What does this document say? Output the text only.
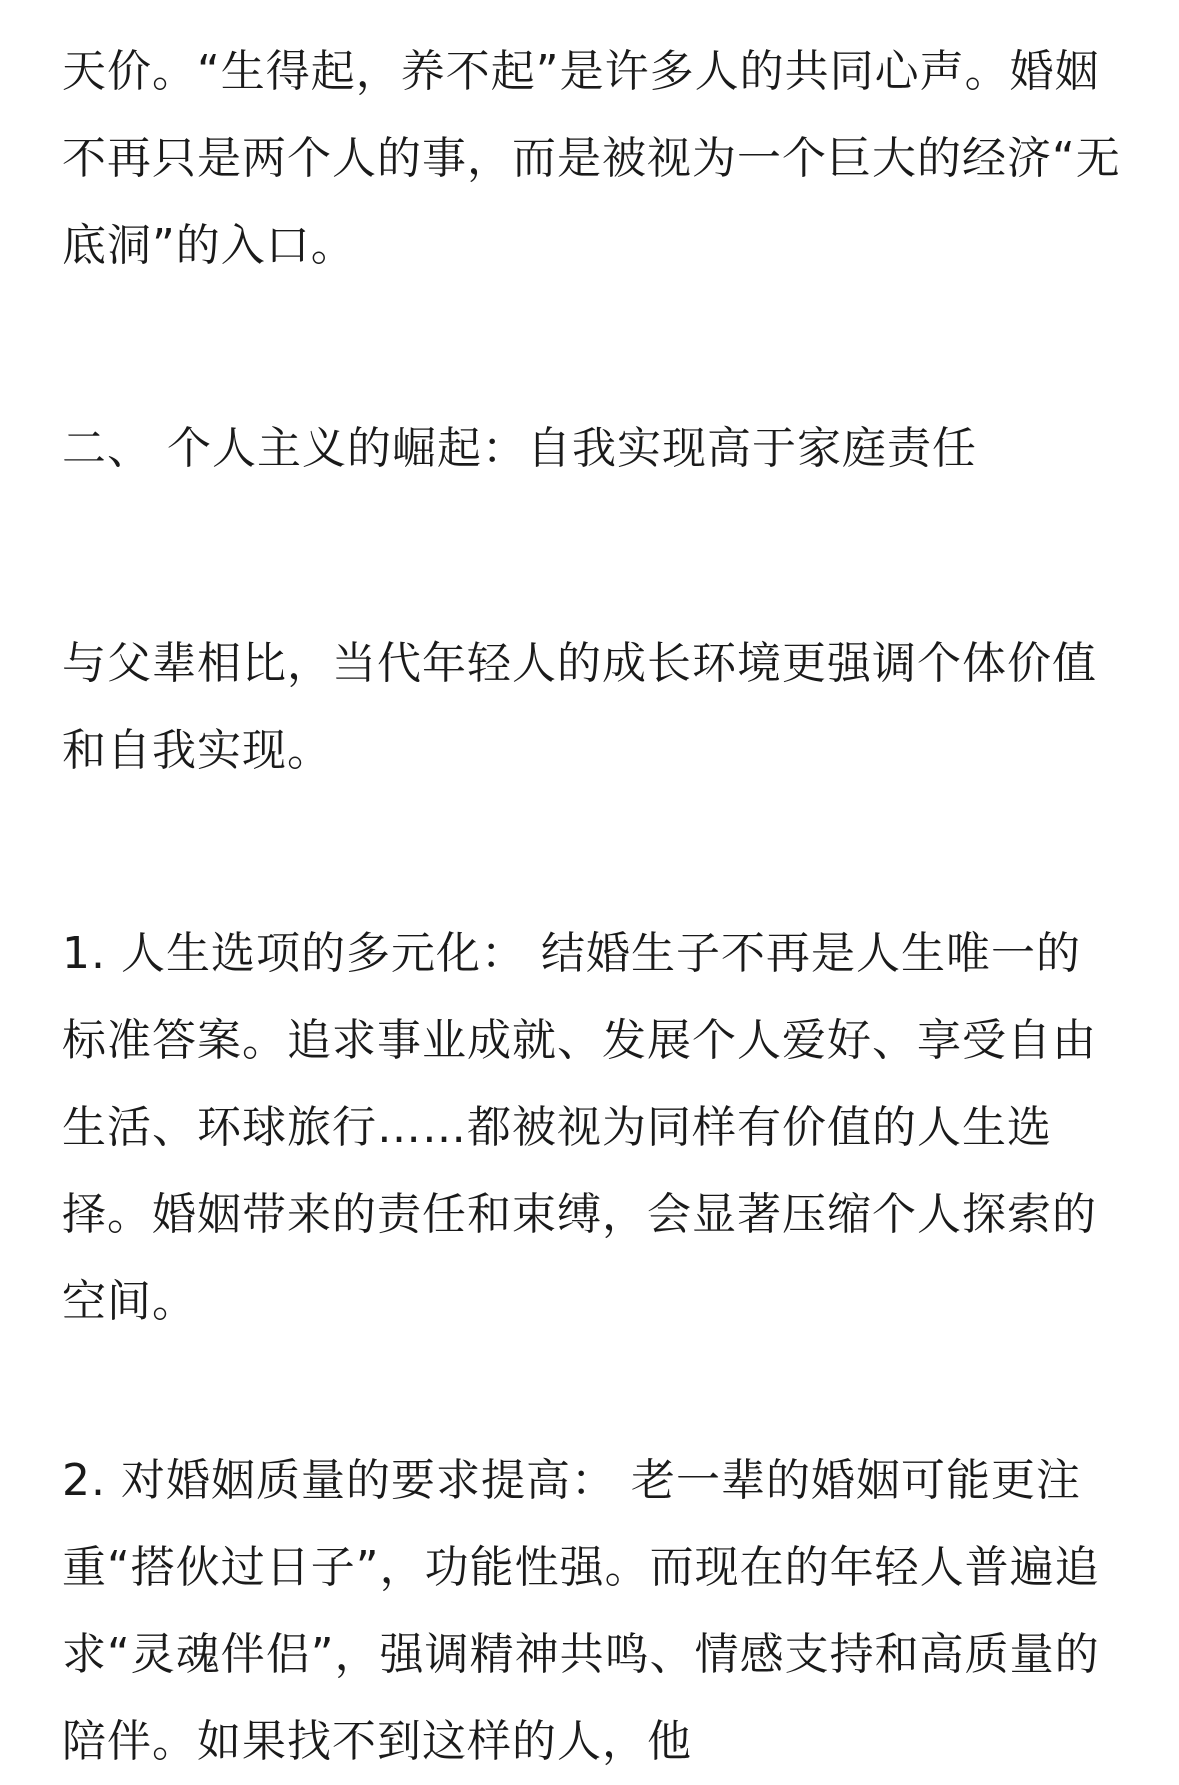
天价。“生得起，养不起”是许多人的共同心声。婚姻不再只是两个人的事，而是被视为一个巨大的经济“无底洞”的入口。

二、 个人主义的崛起：自我实现高于家庭责任

与父辈相比，当代年轻人的成长环境更强调个体价值和自我实现。

1. 人生选项的多元化： 结婚生子不再是人生唯一的标准答案。追求事业成就、发展个人爱好、享受自由生活、环球旅行……都被视为同样有价值的人生选择。婚姻带来的责任和束缚，会显著压缩个人探索的空间。

2. 对婚姻质量的要求提高： 老一辈的婚姻可能更注重“搭伙过日子”，功能性强。而现在的年轻人普遍追求“灵魂伴侣”，强调精神共鸣、情感支持和高质量的陪伴。如果找不到这样的人，他
